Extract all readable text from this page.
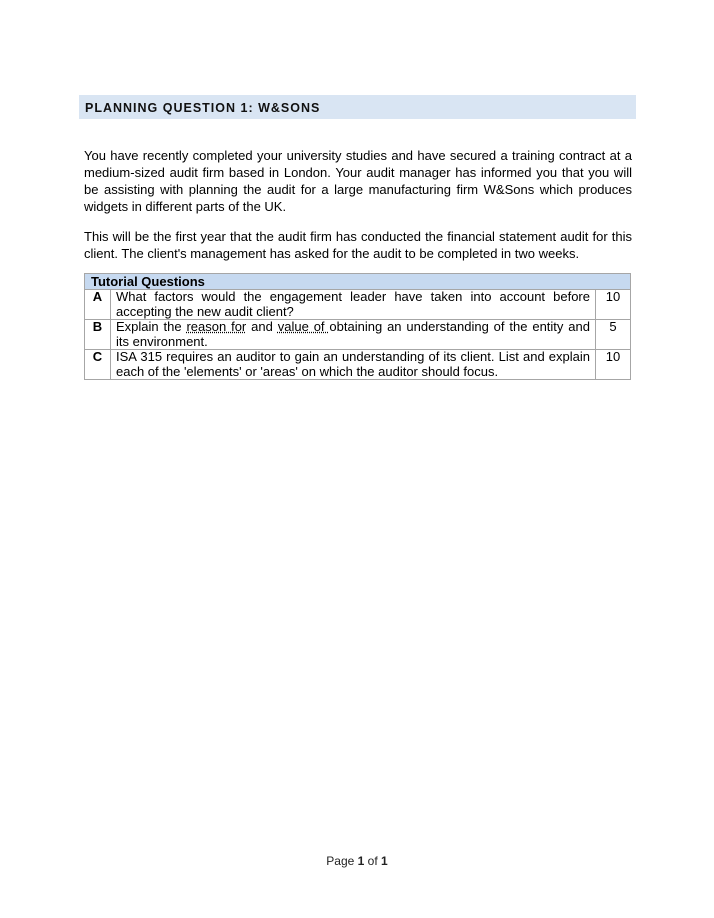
PLANNING QUESTION 1: W&SONS

You have recently completed your university studies and have secured a training contract at a medium-sized audit firm based in London. Your audit manager has informed you that you will be assisting with planning the audit for a large manufacturing firm W&Sons which produces widgets in different parts of the UK.

This will be the first year that the audit firm has conducted the financial statement audit for this client. The client's management has asked for the audit to be completed in two weeks.

Tutorial Questions		
A	What factors would the engagement leader have taken into account before accepting the new audit client?	10
B	Explain the reason for and value of obtaining an understanding of the entity and its environment.	5
C	ISA 315 requires an auditor to gain an understanding of its client. List and explain each of the 'elements' or 'areas' on which the auditor should focus.	10
Page 1 of 1
